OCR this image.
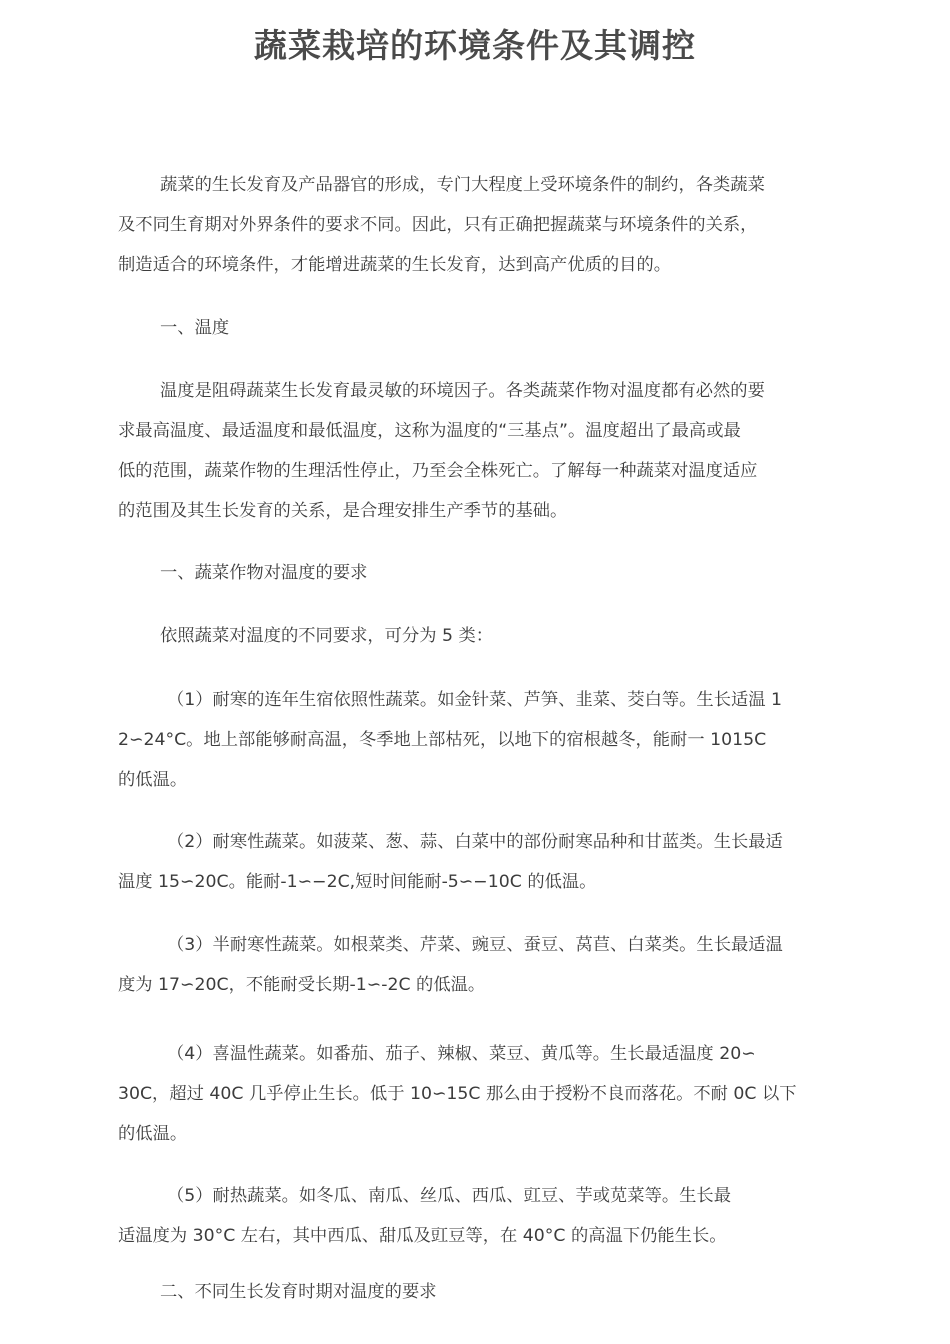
蔬菜栽培的环境条件及其调控

蔬菜的生长发育及产品器官的形成，专门大程度上受环境条件的制约，各类蔬菜
及不同生育期对外界条件的要求不同。因此，只有正确把握蔬菜与环境条件的关系，
制造适合的环境条件，才能增进蔬菜的生长发育，达到高产优质的目的。

一、温度

温度是阻碍蔬菜生长发育最灵敏的环境因子。各类蔬菜作物对温度都有必然的要
求最高温度、最适温度和最低温度，这称为温度的“三基点”。温度超出了最高或最
低的范围，蔬菜作物的生理活性停止，乃至会全株死亡。了解每一种蔬菜对温度适应
的范围及其生长发育的关系，是合理安排生产季节的基础。

一、蔬菜作物对温度的要求

依照蔬菜对温度的不同要求，可分为 5 类：

（1）耐寒的连年生宿依照性蔬菜。如金针菜、芦笋、韭菜、茭白等。生长适温 1
2∽24°C。地上部能够耐高温，冬季地上部枯死，以地下的宿根越冬，能耐一 1015C
的低温。

（2）耐寒性蔬菜。如菠菜、葱、蒜、白菜中的部份耐寒品种和甘蓝类。生长最适
温度 15∽20C。能耐-1∽−2C,短时间能耐-5∽−10C 的低温。

（3）半耐寒性蔬菜。如根菜类、芹菜、豌豆、蚕豆、莴苣、白菜类。生长最适温
度为 17∽20C，不能耐受长期-1∽-2C 的低温。

（4）喜温性蔬菜。如番茄、茄子、辣椒、菜豆、黄瓜等。生长最适温度 20∽
30C，超过 40C 几乎停止生长。低于 10∽15C 那么由于授粉不良而落花。不耐 0C 以下
的低温。

（5）耐热蔬菜。如冬瓜、南瓜、丝瓜、西瓜、豇豆、芋或苋菜等。生长最
适温度为 30°C 左右，其中西瓜、甜瓜及豇豆等，在 40°C 的高温下仍能生长。

二、不同生长发育时期对温度的要求
